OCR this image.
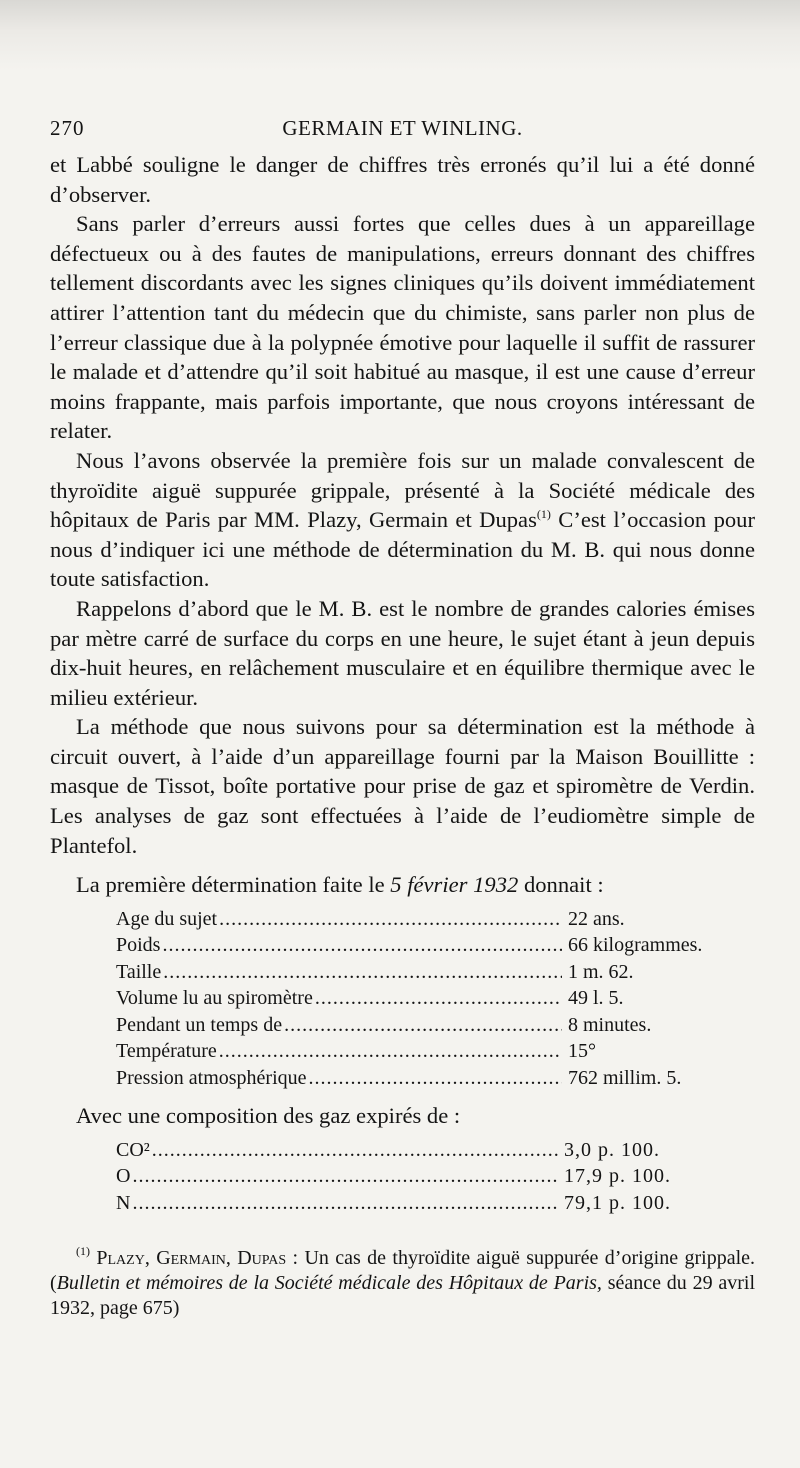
270	GERMAIN ET WINLING.

et Labbé souligne le danger de chiffres très erronés qu’il lui a été donné d’observer.

Sans parler d’erreurs aussi fortes que celles dues à un appareillage défectueux ou à des fautes de manipulations, erreurs donnant des chiffres tellement discordants avec les signes cliniques qu’ils doivent immédiatement attirer l’attention tant du médecin que du chimiste, sans parler non plus de l’erreur classique due à la polypnée émotive pour laquelle il suffit de rassurer le malade et d’attendre qu’il soit habitué au masque, il est une cause d’erreur moins frappante, mais parfois importante, que nous croyons intéressant de relater.

Nous l’avons observée la première fois sur un malade convalescent de thyroïdite aiguë suppurée grippale, présenté à la Société médicale des hôpitaux de Paris par MM. Plazy, Germain et Dupas$^{(1)}$ C’est l’occasion pour nous d’indiquer ici une méthode de détermination du M. B. qui nous donne toute satisfaction.

Rappelons d’abord que le M. B. est le nombre de grandes calories émises par mètre carré de surface du corps en une heure, le sujet étant à jeun depuis dix-huit heures, en relâchement musculaire et en équilibre thermique avec le milieu extérieur.

La méthode que nous suivons pour sa détermination est la méthode à circuit ouvert, à l’aide d’un appareillage fourni par la Maison Bouillitte : masque de Tissot, boîte portative pour prise de gaz et spiromètre de Verdin. Les analyses de gaz sont effectuées à l’aide de l’eudiomètre simple de Plantefol.

La première détermination faite le 5 février 1932 donnait :

Age du sujet .....	22 ans.
Poids .....	66 kilogrammes.
Taille .....	1 m. 62.
Volume lu au spiromètre .....	49 l. 5.
Pendant un temps de .....	8 minutes.
Température .....	15°
Pression atmosphérique .....	762 millim. 5.

Avec une composition des gaz expirés de :

CO² .....	3,0 p. 100.
O .....	17,9 p. 100.
N .....	79,1 p. 100.

$^{(1)}$ Plazy, Germain, Dupas : Un cas de thyroïdite aiguë suppurée d’origine grippale. (Bulletin et mémoires de la Société médicale des Hôpitaux de Paris, séance du 29 avril 1932, page 675)
